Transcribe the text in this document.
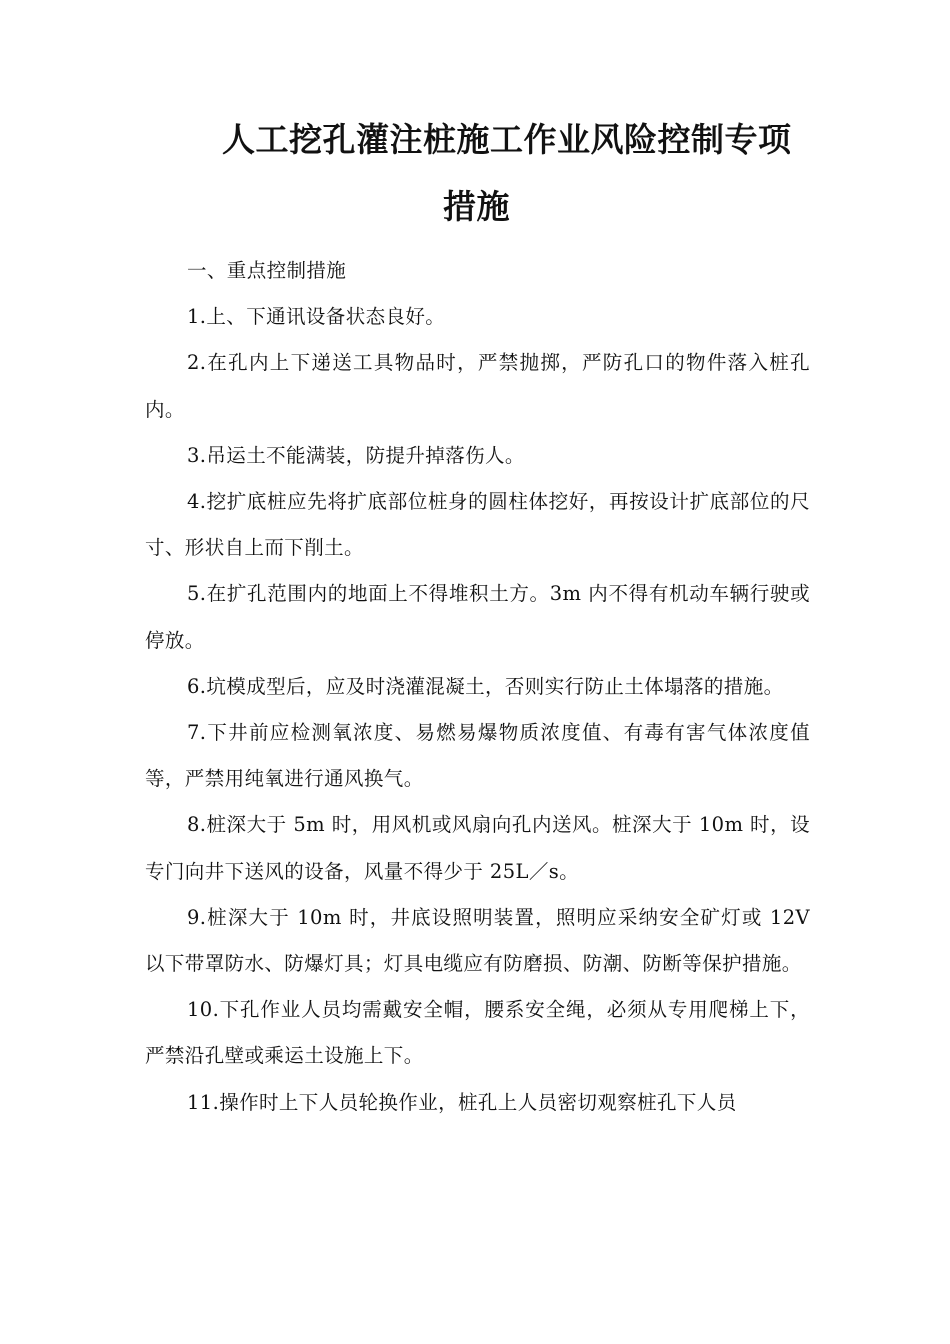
人工挖孔灌注桩施工作业风险控制专项
措施

一、重点控制措施

1.上、下通讯设备状态良好。

2.在孔内上下递送工具物品时，严禁抛掷，严防孔口的物件落入桩孔内。

3.吊运土不能满装，防提升掉落伤人。

4.挖扩底桩应先将扩底部位桩身的圆柱体挖好，再按设计扩底部位的尺寸、形状自上而下削土。

5.在扩孔范围内的地面上不得堆积土方。3m 内不得有机动车辆行驶或停放。

6.坑模成型后，应及时浇灌混凝土，否则实行防止土体塌落的措施。

7.下井前应检测氧浓度、易燃易爆物质浓度值、有毒有害气体浓度值等，严禁用纯氧进行通风换气。

8.桩深大于 5m 时，用风机或风扇向孔内送风。桩深大于 10m 时，设专门向井下送风的设备，风量不得少于 25L／s。

9.桩深大于 10m 时，井底设照明装置，照明应采纳安全矿灯或 12V 以下带罩防水、防爆灯具；灯具电缆应有防磨损、防潮、防断等保护措施。

10.下孔作业人员均需戴安全帽，腰系安全绳，必须从专用爬梯上下，严禁沿孔壁或乘运土设施上下。

11.操作时上下人员轮换作业，桩孔上人员密切观察桩孔下人员
